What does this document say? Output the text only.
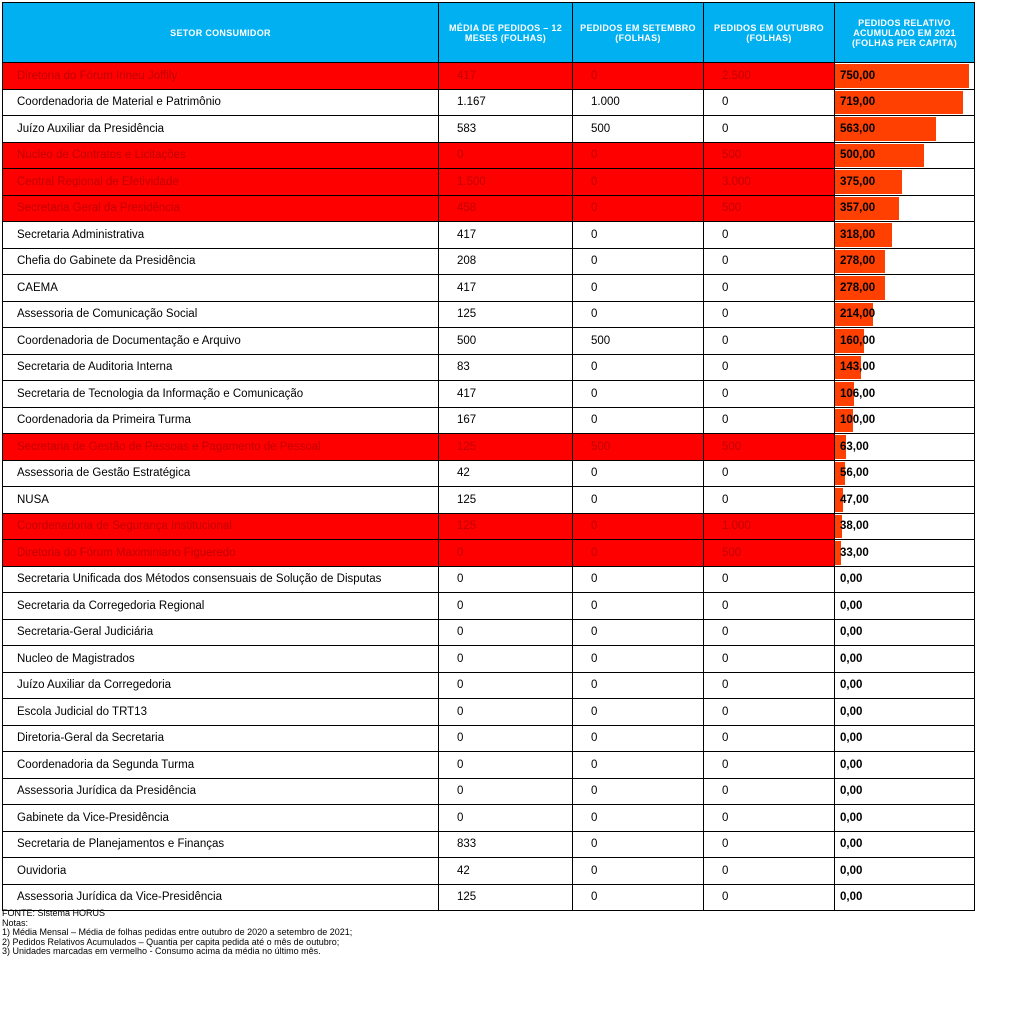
SETOR CONSUMIDOR	MÉDIA DE PEDIDOS – 12 MESES (FOLHAS)	PEDIDOS EM SETEMBRO (FOLHAS)	PEDIDOS EM OUTUBRO (FOLHAS)	PEDIDOS RELATIVO ACUMULADO EM 2021 (FOLHAS PER CAPITA)
Diretoria do Fórum Irineu Joffily	417	0	2.500	750,00
Coordenadoria de Material e Patrimônio	1.167	1.000	0	719,00
Juízo Auxiliar da Presidência	583	500	0	563,00
Nucleo de Contratos e Licitações	0	0	500	500,00
Central Regional de Efetividade	1.500	0	3.000	375,00
Secretaria Geral da Presidência	458	0	500	357,00
Secretaria Administrativa	417	0	0	318,00
Chefia do Gabinete da Presidência	208	0	0	278,00
CAEMA	417	0	0	278,00
Assessoria de Comunicação Social	125	0	0	214,00
Coordenadoria de Documentação e Arquivo	500	500	0	160,00
Secretaria de Auditoria Interna	83	0	0	143,00
Secretaria de Tecnologia da Informação e Comunicação	417	0	0	106,00
Coordenadoria da Primeira Turma	167	0	0	100,00
Secretaria de Gestão de Pessoas e Pagamento de Pessoal	125	500	500	63,00
Assessoria de Gestão Estratégica	42	0	0	56,00
NUSA	125	0	0	47,00
Coordenadoria de Segurança Institucional	125	0	1.000	38,00
Diretoria do Fórum Maximiniano Figueredo	0	0	500	33,00
Secretaria Unificada dos Métodos consensuais de Solução de Disputas	0	0	0	0,00
Secretaria da Corregedoria Regional	0	0	0	0,00
Secretaria-Geral Judiciária	0	0	0	0,00
Nucleo de Magistrados	0	0	0	0,00
Juízo Auxiliar da Corregedoria	0	0	0	0,00
Escola Judicial do TRT13	0	0	0	0,00
Diretoria-Geral da Secretaria	0	0	0	0,00
Coordenadoria da Segunda Turma	0	0	0	0,00
Assessoria Jurídica da Presidência	0	0	0	0,00
Gabinete da Vice-Presidência	0	0	0	0,00
Secretaria de Planejamentos e Finanças	833	0	0	0,00
Ouvidoria	42	0	0	0,00
Assessoria Jurídica da Vice-Presidência	125	0	0	0,00
FONTE: Sistema HORUS
Notas:
1) Média Mensal – Média de folhas pedidas entre outubro de 2020 a setembro de 2021;
2) Pedidos Relativos Acumulados – Quantia per capita pedida até o mês de outubro;
3) Unidades marcadas em vermelho - Consumo acima da média no último mês.
